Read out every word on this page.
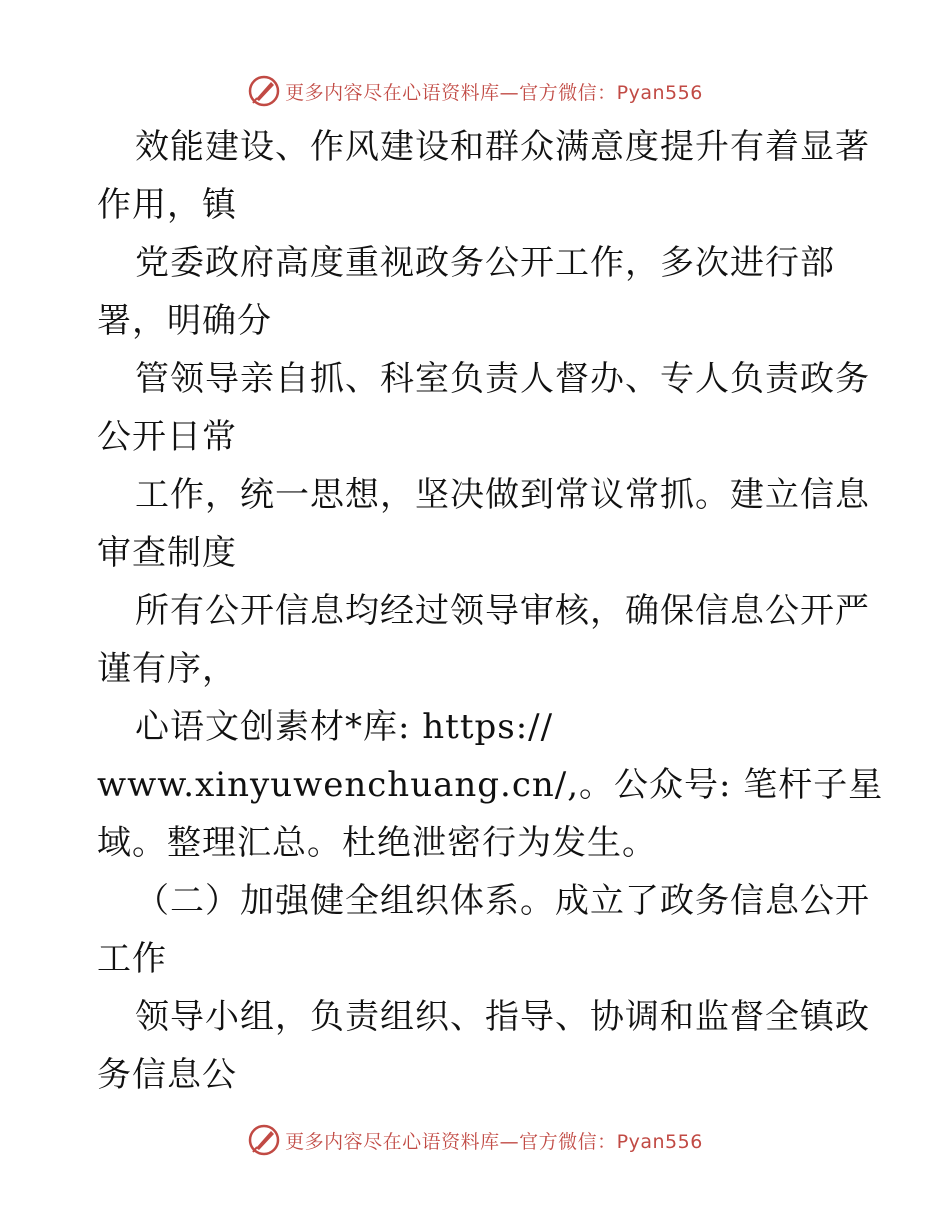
更多内容尽在心语资料库—官方微信：Pyan556
效能建设、作风建设和群众满意度提升有着显著
作用，镇
党委政府高度重视政务公开工作，多次进行部
署，明确分
管领导亲自抓、科室负责人督办、专人负责政务
公开日常
工作，统一思想，坚决做到常议常抓。建立信息
审查制度
所有公开信息均经过领导审核，确保信息公开严
谨有序，
心语文创素材*库: https://
www.xinyuwenchuang.cn/,。公众号: 笔杆子星
域。整理汇总。杜绝泄密行为发生。
（二）加强健全组织体系。成立了政务信息公开
工作
领导小组，负责组织、指导、协调和监督全镇政
务信息公
更多内容尽在心语资料库—官方微信：Pyan556
